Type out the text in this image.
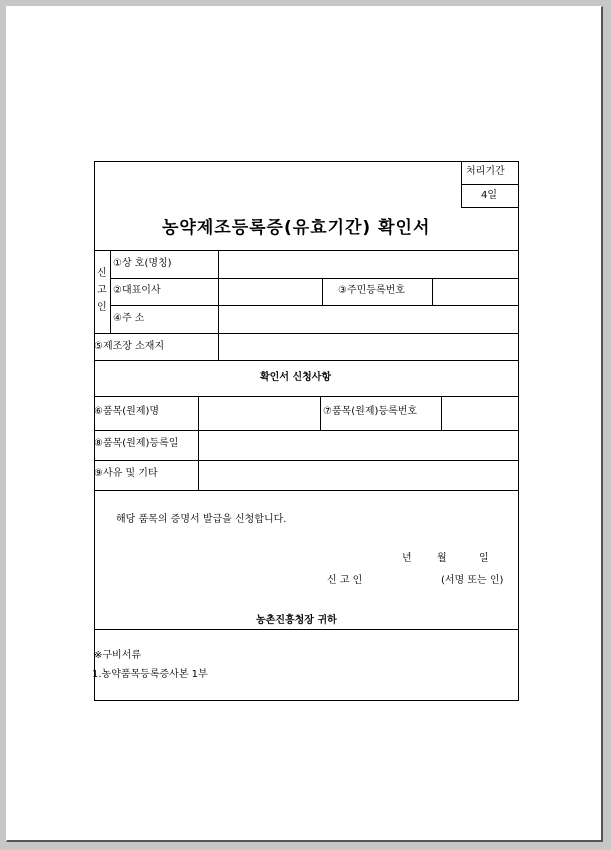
처리기간
4일
농약제조등록증(유효기간) 확인서
신
고
인
①상 호(명칭)
②대표이사	③주민등록번호
④주 소
⑤제조장 소재지
확인서 신청사항
⑥품목(원제)명	⑦품목(원제)등록번호
⑧품목(원제)등록일
⑨사유 및 기타
해당 품목의 증명서 발급을 신청합니다.
년	월	일
신 고 인	(서명 또는 인)
농촌진흥청장 귀하
※구비서류
1.농약품목등록증사본 1부
